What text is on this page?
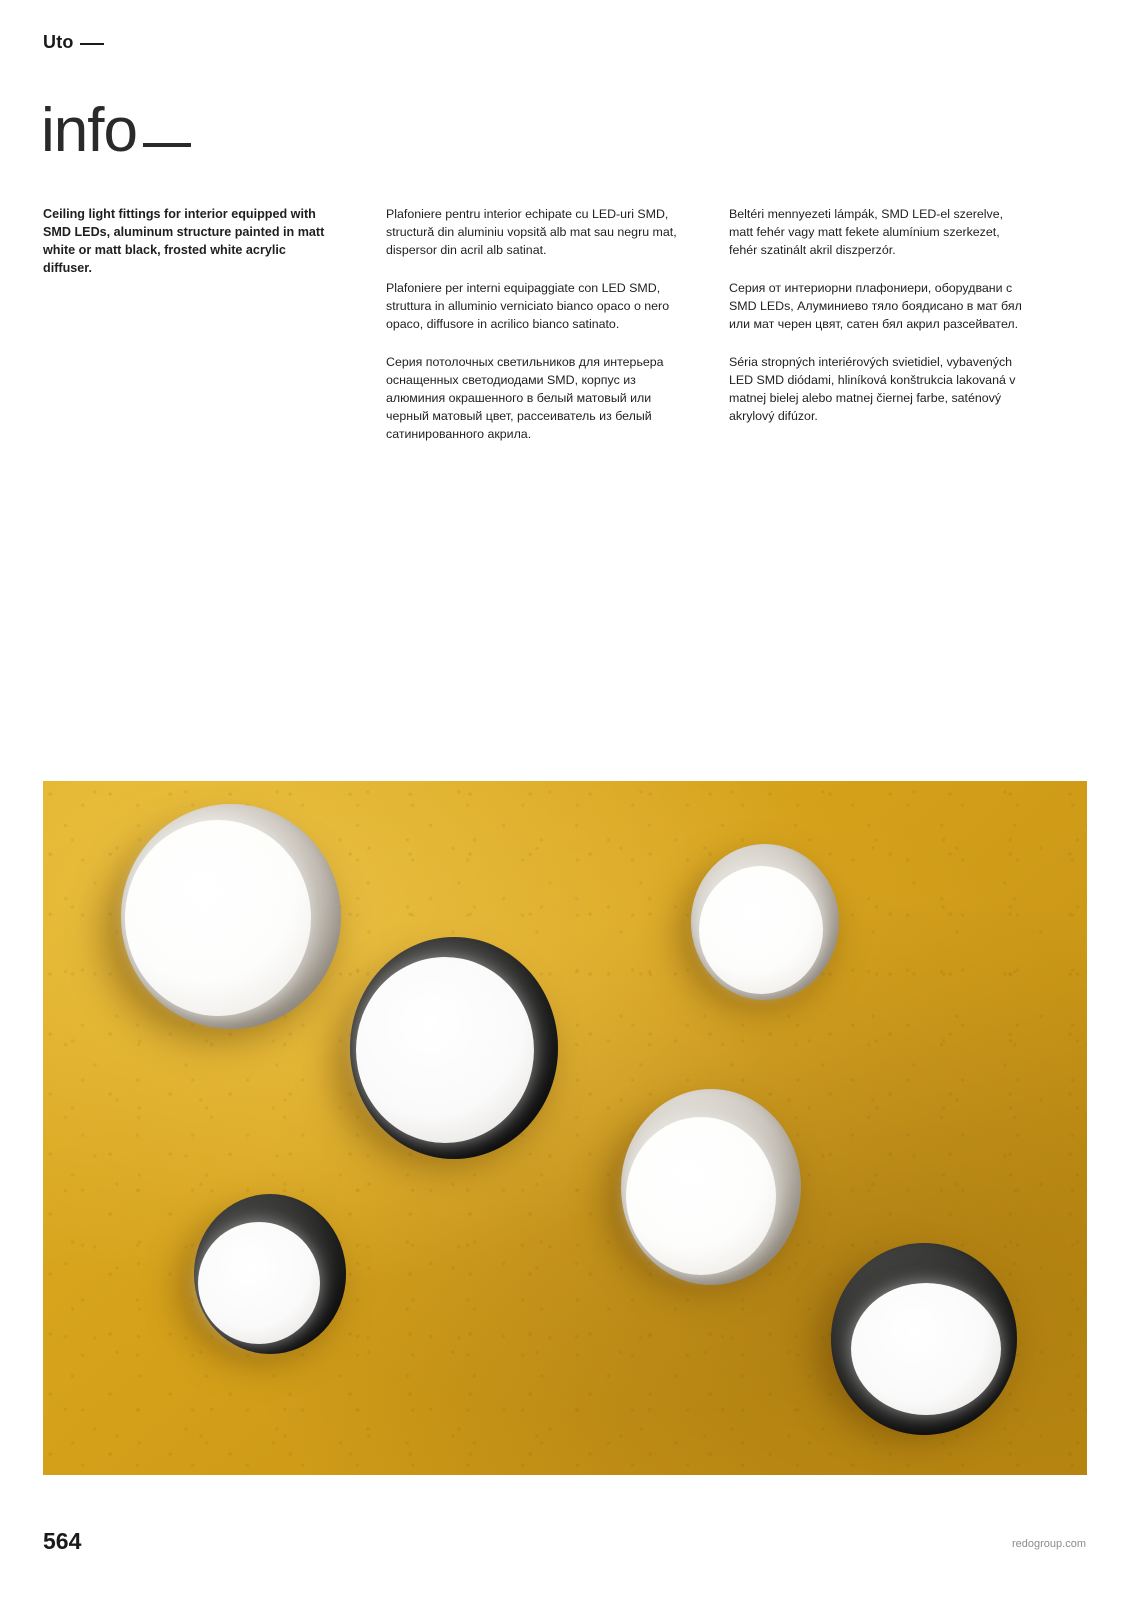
Uto
info

Ceiling light fittings for interior equipped with SMD LEDs, aluminum structure painted in matt white or matt black, frosted white acrylic diffuser.

Plafoniere pentru interior echipate cu LED-uri SMD, structură din aluminiu vopsită alb mat sau negru mat, dispersor din acril alb satinat.

Plafoniere per interni equipaggiate con LED SMD, struttura in alluminio verniciato bianco opaco o nero opaco, diffusore in acrilico bianco satinato.

Серия потолочных светильников для интерьера оснащенных светодиодами SMD, корпус из алюминия окрашенного в белый матовый или черный матовый цвет, рассеиватель из белый сатинированного акрила.

Beltéri mennyezeti lámpák, SMD LED-el szerelve, matt fehér vagy matt fekete alumínium szerkezet, fehér szatinált akril diszperzór.

Серия от интериорни плафониери, оборудвани с SMD LEDs, Алуминиево тяло боядисано в мат бял или мат черен цвят, сатен бял акрил разсейвател.

Séria stropných interiérových svietidiel, vybavených LED SMD diódami, hliníková konštrukcia lakovaná v matnej bielej alebo matnej čiernej farbe, saténový akrylový difúzor.

564	redogroup.com
